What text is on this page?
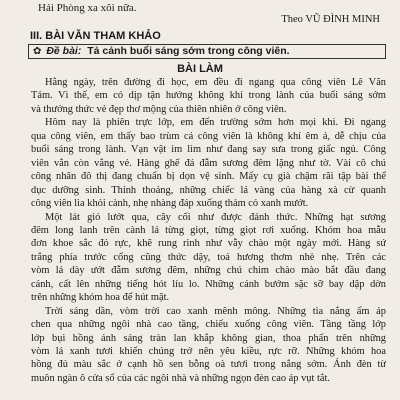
Hải Phòng xa xôi nữa.
Theo VŨ ĐÌNH MINH
III. BÀI VĂN THAM KHẢO
✿ Đề bài: Tả cảnh buổi sáng sớm trong công viên.
BÀI LÀM
Hằng ngày, trên đường đi học, em đều đi ngang qua công viên Lê Văn
Tám. Vì thế, em có dịp tận hưởng không khí trong lành của buổi sáng sớm
và thưởng thức vẻ đẹp thơ mộng của thiên nhiên ở công viên.
Hôm nay là phiên trực lớp, em đến trường sớm hơn mọi khi. Đi ngang
qua công viên, em thấy bao trùm cả công viên là không khí êm ả, dễ chịu của
buổi sáng trong lành. Vạn vật im lìm như đang say sưa trong giấc ngủ. Công
viên vắn còn vắng vẻ. Hàng ghế đá đẫm sương đêm lặng như tờ. Vài cô chú
công nhân đô thị đang chuẩn bị dọn vệ sinh. Mấy cụ già chậm rãi tập bài thể
dục dưỡng sinh. Thỉnh thoảng, những chiếc lá vàng của hàng xà cừ quanh
công viên lìa khỏi cành, nhẹ nhàng đáp xuống thảm cỏ xanh mướt.
Một lát gió lướt qua, cây cối như được đánh thức. Những hạt sương
đêm long lanh trên cành lá từng giọt, từng giọt rơi xuống. Khóm hoa mẫu
đơn khoe sắc đỏ rực, khẽ rung rinh như vẫy chào một ngày mới. Hàng sứ
trắng phía trước cổng cũng thức dậy, toả hương thơm nhè nhẹ. Trên các
vòm lá dày ướt đẫm sương đêm, những chú chim chào mào bắt đầu đang
cánh, cất lên những tiếng hót líu lo. Những cánh bướm sặc sỡ bay dập dờn
trên những khóm hoa để hút mật.
Trời sáng dần, vòm trời cao xanh mênh mông. Những tia nắng ấm áp
chen qua những ngôi nhà cao tầng, chiếu xuống công viên. Tầng tầng lớp
lớp bụi hồng ánh sáng tràn lan khắp không gian, thoa phấn trên những
vòm lá xanh tươi khiến chúng trở nên yêu kiều, rực rỡ. Những khóm hoa
hồng đủ màu sắc ở cạnh hồ sen bỗng oà tươi trong nắng sớm. Ánh đèn từ
muôn ngàn ô cửa sổ của các ngôi nhà và những ngọn đèn cao áp vụt tắt.
